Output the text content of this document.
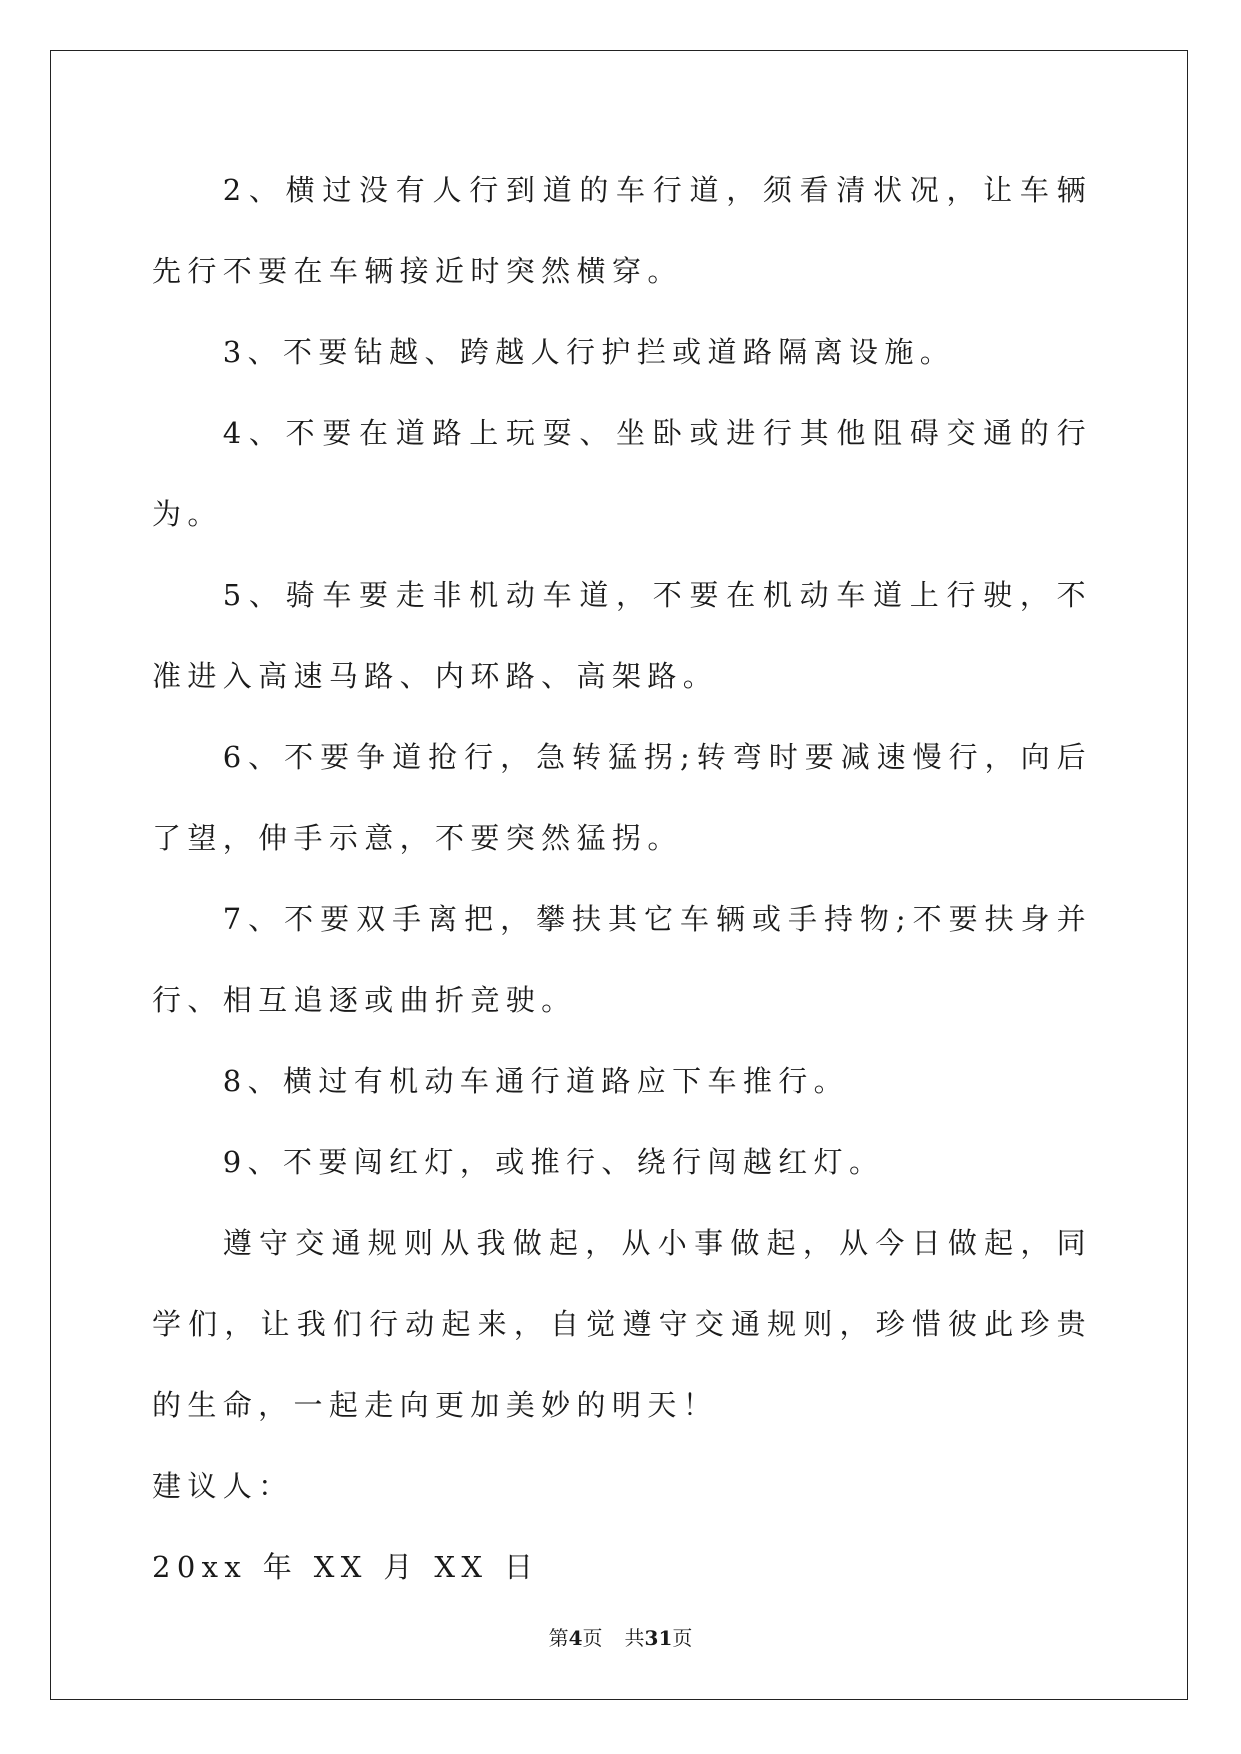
2、横过没有人行到道的车行道，须看清状况，让车辆先行不要在车辆接近时突然横穿。

3、不要钻越、跨越人行护拦或道路隔离设施。

4、不要在道路上玩耍、坐卧或进行其他阻碍交通的行为。

5、骑车要走非机动车道，不要在机动车道上行驶，不准进入高速马路、内环路、高架路。

6、不要争道抢行，急转猛拐;转弯时要减速慢行，向后了望，伸手示意，不要突然猛拐。

7、不要双手离把，攀扶其它车辆或手持物;不要扶身并行、相互追逐或曲折竞驶。

8、横过有机动车通行道路应下车推行。

9、不要闯红灯，或推行、绕行闯越红灯。

遵守交通规则从我做起，从小事做起，从今日做起，同学们，让我们行动起来，自觉遵守交通规则，珍惜彼此珍贵的生命，一起走向更加美妙的明天！

建议人：

20xx 年 XX 月 XX 日

第4页 共31页
